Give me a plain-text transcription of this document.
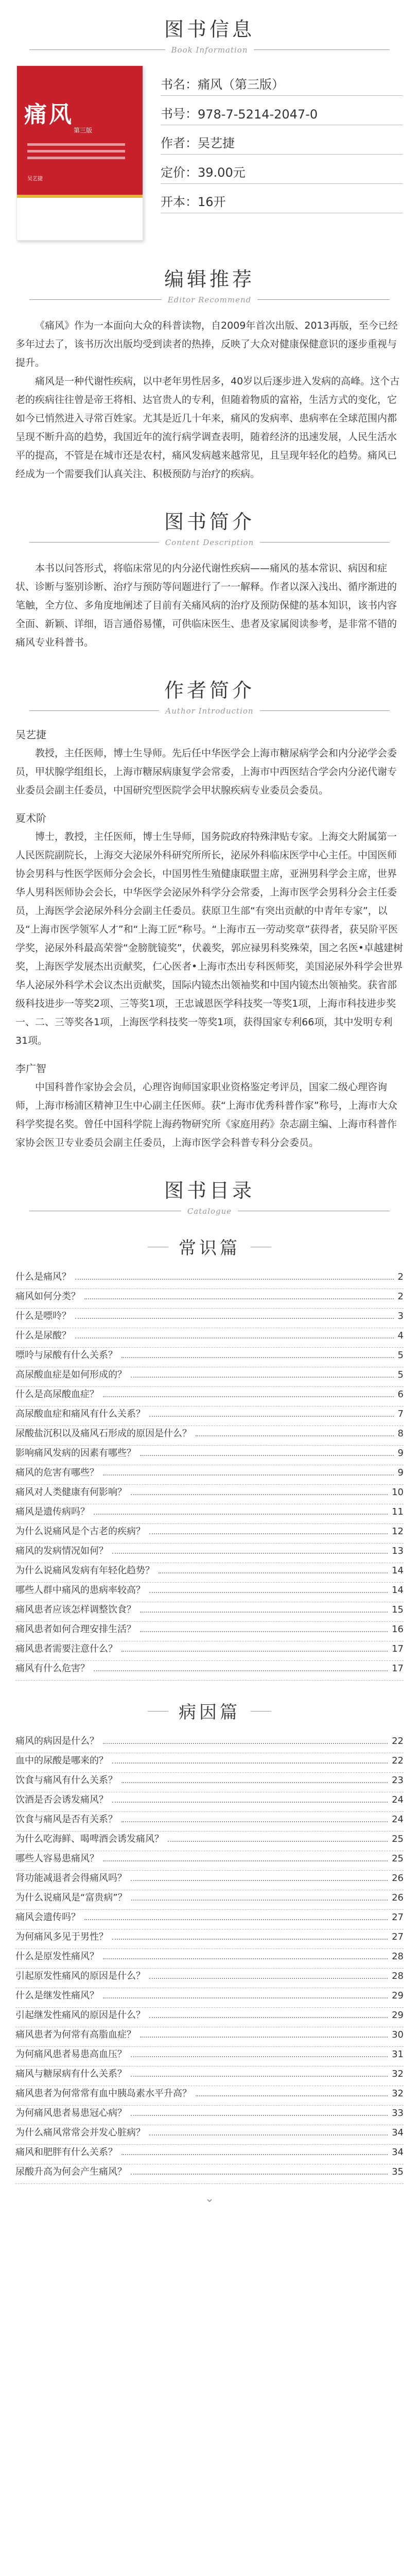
图书信息
Book Information
痛风
第三版
吴艺捷
书名： 痛风（第三版）
书号： 978-7-5214-2047-0
作者： 吴艺捷
定价： 39.00元
开本： 16开
编辑推荐
Editor Recommend

《痛风》作为一本面向大众的科普读物，自2009年首次出版、2013再版，至今已经多年过去了，该书历次出版均受到读者的热捧，反映了大众对健康保健意识的逐步重视与提升。

痛风是一种代谢性疾病，以中老年男性居多，40岁以后逐步进入发病的高峰。这个古老的疾病往往曾是帝王将相、达官贵人的专利，但随着物质的富裕，生活方式的变化，它如今已悄然进入寻常百姓家。尤其是近几十年来，痛风的发病率、患病率在全球范围内都呈现不断升高的趋势，我国近年的流行病学调查表明，随着经济的迅速发展，人民生活水平的提高，不管是在城市还是农村，痛风发病越来越常见，且呈现年轻化的趋势。痛风已经成为一个需要我们认真关注、积极预防与治疗的疾病。

图书简介
Content Description

本书以问答形式，将临床常见的内分泌代谢性疾病——痛风的基本常识、病因和症状、诊断与鉴别诊断、治疗与预防等问题进行了一一解释。作者以深入浅出、循序渐进的笔触，全方位、多角度地阐述了目前有关痛风病的治疗及预防保健的基本知识，该书内容全面、新颖、详细，语言通俗易懂，可供临床医生、患者及家属阅读参考，是非常不错的痛风专业科普书。

作者简介
Author Introduction
吴艺捷

教授，主任医师，博士生导师。先后任中华医学会上海市糖尿病学会和内分泌学会委员，甲状腺学组组长，上海市糖尿病康复学会常委，上海市中西医结合学会内分泌代谢专业委员会副主任委员，中国研究型医院学会甲状腺疾病专业委员会委员。

夏术阶

博士，教授，主任医师，博士生导师，国务院政府特殊津贴专家。上海交大附属第一人民医院副院长，上海交大泌尿外科研究所所长，泌尿外科临床医学中心主任。中国医师协会男科与性医学医师分会会长，中国男性生殖健康联盟主席，亚洲男科学会主席，世界华人男科医师协会会长，中华医学会泌尿外科学分会常委，上海市医学会男科分会主任委员，上海医学会泌尿外科分会副主任委员。获原卫生部“有突出贡献的中青年专家”，以及“上海市医学领军人才”和“上海工匠”称号。“上海市五一劳动奖章”获得者，获吴阶平医学奖，泌尿外科最高荣誉“金膀胱镜奖”，伏羲奖，郭应禄男科奖殊荣，国之名医•卓越建树奖，上海医学发展杰出贡献奖，仁心医者•上海市杰出专科医师奖，美国泌尿外科学会世界华人泌尿外科学术会议杰出贡献奖，国际内镜杰出领袖奖和中国内镜杰出领袖奖。获省部级科技进步一等奖2项、三等奖1项，王忠诚恩医学科技奖一等奖1项，上海市科技进步奖一、二、三等奖各1项，上海医学科技奖一等奖1项，获得国家专利66项，其中发明专利31项。

李广智

中国科普作家协会会员，心理咨询师国家职业资格鉴定考评员，国家二级心理咨询师，上海市杨浦区精神卫生中心副主任医师。获“上海市优秀科普作家”称号，上海市大众科学奖提名奖。曾任中国科学院上海药物研究所《家庭用药》杂志副主编、上海市科普作家协会医卫专业委员会副主任委员，上海市医学会科普专科分会委员。

图书目录
Catalogue
常识篇
什么是痛风？	2
痛风如何分类？	2
什么是嘌呤？	3
什么是尿酸？	4
嘌呤与尿酸有什么关系？	5
高尿酸血症是如何形成的？	5
什么是高尿酸血症？	6
高尿酸血症和痛风有什么关系？	7
尿酸盐沉积以及痛风石形成的原因是什么？	8
影响痛风发病的因素有哪些？	9
痛风的危害有哪些？	9
痛风对人类健康有何影响？	10
痛风是遗传病吗？	11
为什么说痛风是个古老的疾病？	12
痛风的发病情况如何？	13
为什么说痛风发病有年轻化趋势？	14
哪些人群中痛风的患病率较高？	14
痛风患者应该怎样调整饮食？	15
痛风患者如何合理安排生活？	16
痛风患者需要注意什么？	17
痛风有什么危害？	17
病因篇
痛风的病因是什么？	22
血中的尿酸是哪来的？	22
饮食与痛风有什么关系？	23
饮酒是否会诱发痛风？	24
饮食与痛风是否有关系？	24
为什么吃海鲜、喝啤酒会诱发痛风？	25
哪些人容易患痛风？	25
肾功能减退者会得痛风吗？	26
为什么说痛风是“富贵病”？	26
痛风会遗传吗？	27
为何痛风多见于男性？	27
什么是原发性痛风？	28
引起原发性痛风的原因是什么？	28
什么是继发性痛风？	29
引起继发性痛风的原因是什么？	29
痛风患者为何常有高脂血症？	30
为何痛风患者易患高血压？	31
痛风与糖尿病有什么关系？	32
痛风患者为何常常有血中胰岛素水平升高？	32
为何痛风患者易患冠心病？	33
为什么痛风常常会并发心脏病？	34
痛风和肥胖有什么关系？	34
尿酸升高为何会产生痛风？	35
⌄
